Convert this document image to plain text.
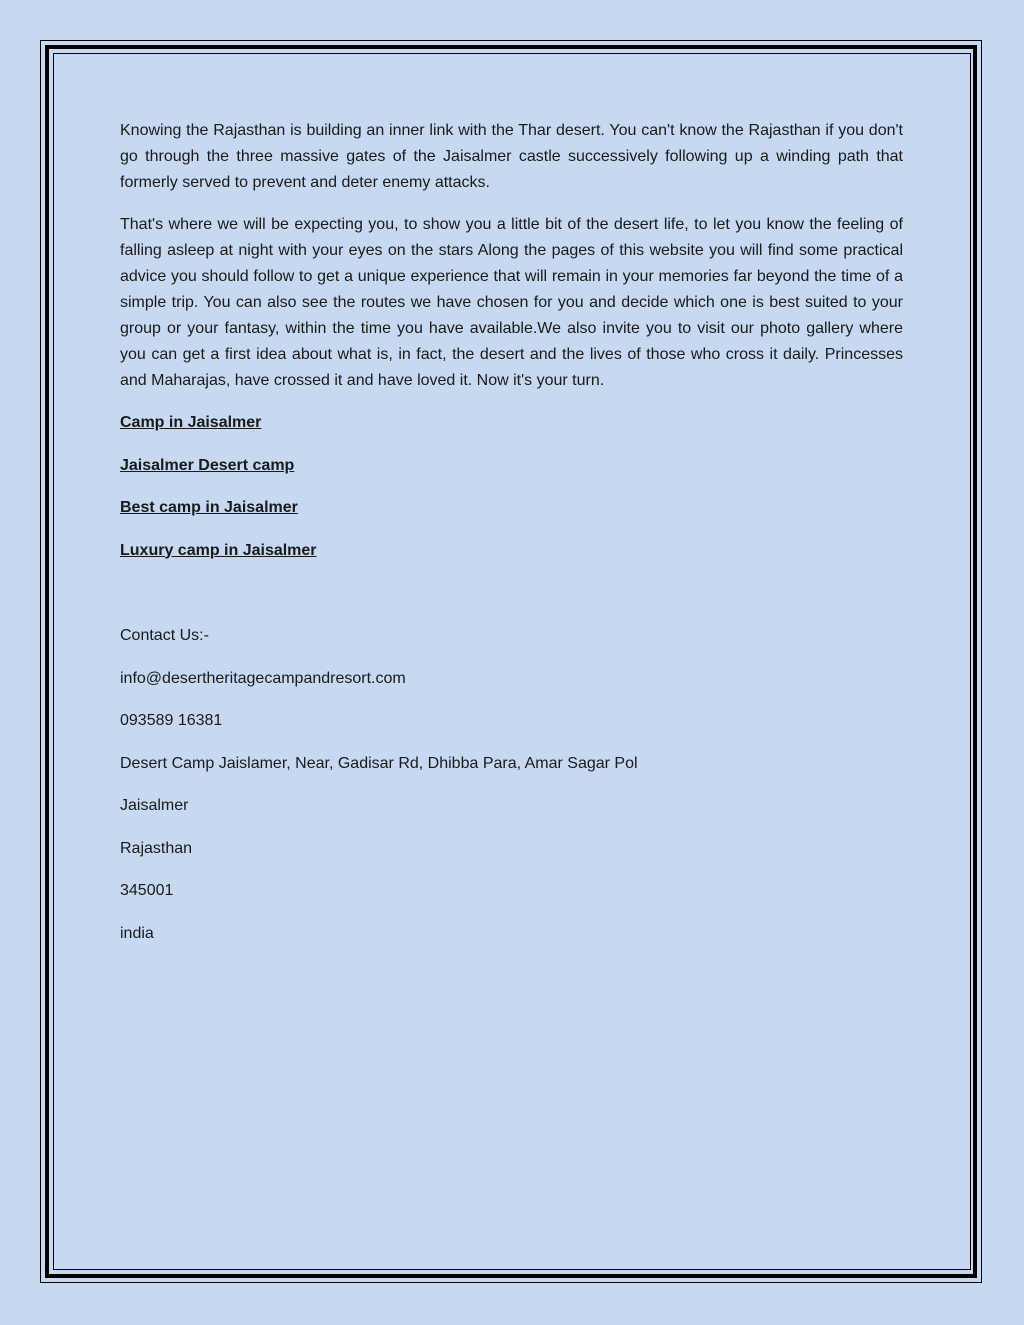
Knowing the Rajasthan is building an inner link with the Thar desert. You can't know the Rajasthan if you don't go through the three massive gates of the Jaisalmer castle successively following up a winding path that formerly served to prevent and deter enemy attacks.

That's where we will be expecting you, to show you a little bit of the desert life, to let you know the feeling of falling asleep at night with your eyes on the stars Along the pages of this website you will find some practical advice you should follow to get a unique experience that will remain in your memories far beyond the time of a simple trip. You can also see the routes we have chosen for you and decide which one is best suited to your group or your fantasy, within the time you have available.We also invite you to visit our photo gallery where you can get a first idea about what is, in fact, the desert and the lives of those who cross it daily. Princesses and Maharajas, have crossed it and have loved it. Now it's your turn.

Camp in Jaisalmer
Jaisalmer Desert camp
Best camp in Jaisalmer
Luxury camp in Jaisalmer
Contact Us:-
info@desertheritagecampandresort.com
093589 16381
Desert Camp Jaislamer, Near, Gadisar Rd, Dhibba Para, Amar Sagar Pol
Jaisalmer
Rajasthan
345001
india
